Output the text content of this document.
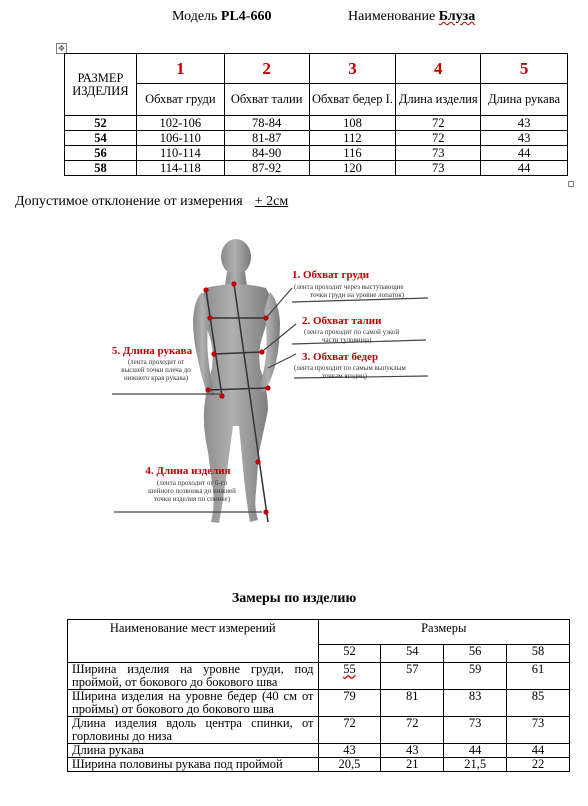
Модель PL4-660	Наименование Блуза
✥
РАЗМЕР ИЗДЕЛИЯ	1	2	3	4	5
	Обхват груди	Обхват талии	Обхват бедер I.	Длина изделия	Длина рукава
52	102-106	78-84	108	72	43
54	106-110	81-87	112	72	43
56	110-114	84-90	116	73	44
58	114-118	87-92	120	73	44
Допустимое отклонение от измерения + 2см
1. Обхват груди
(лента проходит через выступающие
точки груди на уровне лопаток)
2. Обхват талии
(лента проходит по самой узкой
части туловища)
3. Обхват бедер
(лента проходит по самым выпуклым
точкам ягодиц)
5. Длина рукава
(лента проходит от
высшей точки плеча до
нижнего края рукава)
4. Длина изделия
(лента проходит от 6-го
шейного позвонка до нижней
точки изделия по спинке)
Замеры по изделию
Наименование мест измерений	Размеры			
	52	54	56	58
Ширина изделия на уровне груди, под проймой, от бокового до бокового шва	55	57	59	61
Ширина изделия на уровне бедер (40 см от проймы) от бокового до бокового шва	79	81	83	85
Длина изделия вдоль центра спинки, от горловины до низа	72	72	73	73
Длина рукава	43	43	44	44
Ширина половины рукава под проймой	20,5	21	21,5	22
